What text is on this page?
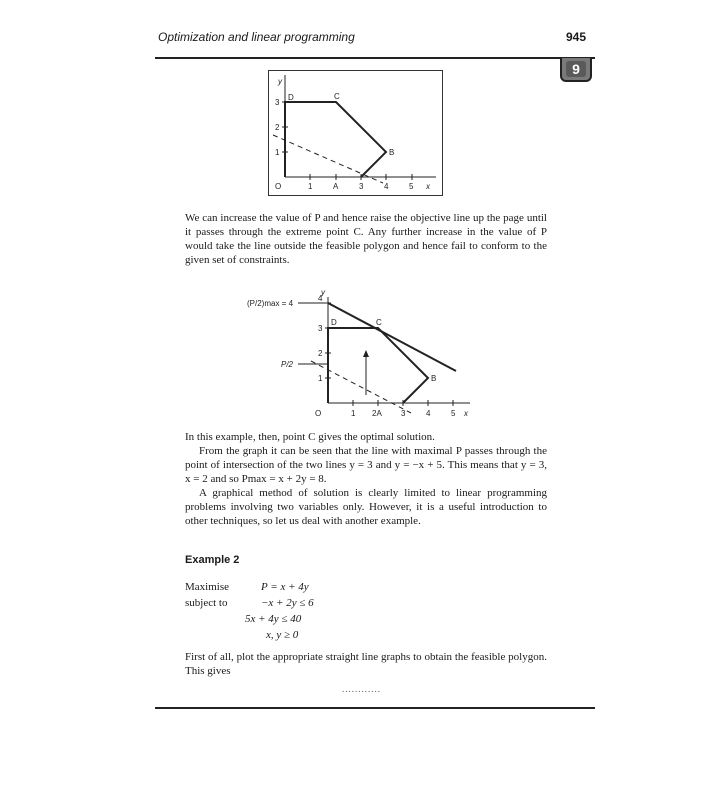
Optimization and linear programming	945
9
y
O	1	A	3	4	5 x
1
2
3
D	C
B

We can increase the value of P and hence raise the objective line up the page until it passes through the extreme point C. Any further increase in the value of P would take the line outside the feasible polygon and hence fail to conform to the given set of constraints.

y
O	1 2A 3	4	5 x
1
2
3
4
D	C
B
(P/2)max = 4
P/2

In this example, then, point C gives the optimal solution.

From the graph it can be seen that the line with maximal P passes through the point of intersection of the two lines y = 3 and y = −x + 5. This means that y = 3, x = 2 and so Pmax = x + 2y = 8.

A graphical method of solution is clearly limited to linear programming problems involving two variables only. However, it is a useful introduction to other techniques, so let us deal with another example.

Example 2
Maximise	P = x + 4y
subject to	−x + 2y ≤ 6
5x + 4y ≤ 40
x, y ≥ 0

First of all, plot the appropriate straight line graphs to obtain the feasible polygon. This gives

............
